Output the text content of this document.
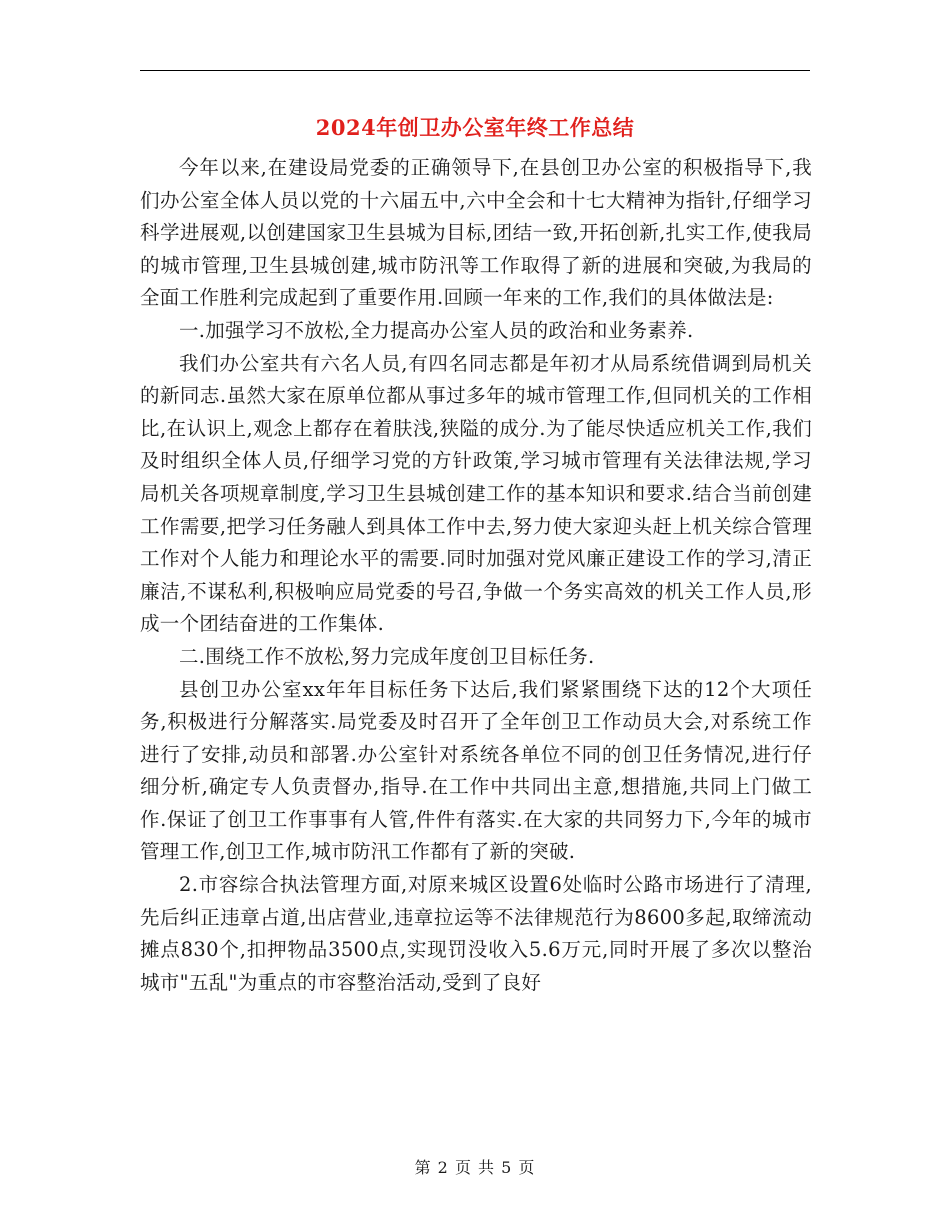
2024年创卫办公室年终工作总结

今年以来,在建设局党委的正确领导下,在县创卫办公室的积极指导下,我们办公室全体人员以党的十六届五中,六中全会和十七大精神为指针,仔细学习科学进展观,以创建国家卫生县城为目标,团结一致,开拓创新,扎实工作,使我局的城市管理,卫生县城创建,城市防汛等工作取得了新的进展和突破,为我局的全面工作胜利完成起到了重要作用.回顾一年来的工作,我们的具体做法是:

一.加强学习不放松,全力提高办公室人员的政治和业务素养.

我们办公室共有六名人员,有四名同志都是年初才从局系统借调到局机关的新同志.虽然大家在原单位都从事过多年的城市管理工作,但同机关的工作相比,在认识上,观念上都存在着肤浅,狭隘的成分.为了能尽快适应机关工作,我们及时组织全体人员,仔细学习党的方针政策,学习城市管理有关法律法规,学习局机关各项规章制度,学习卫生县城创建工作的基本知识和要求.结合当前创建工作需要,把学习任务融人到具体工作中去,努力使大家迎头赶上机关综合管理工作对个人能力和理论水平的需要.同时加强对党风廉正建设工作的学习,清正廉洁,不谋私利,积极响应局党委的号召,争做一个务实高效的机关工作人员,形成一个团结奋进的工作集体.

二.围绕工作不放松,努力完成年度创卫目标任务.

县创卫办公室xx年年目标任务下达后,我们紧紧围绕下达的12个大项任务,积极进行分解落实.局党委及时召开了全年创卫工作动员大会,对系统工作进行了安排,动员和部署.办公室针对系统各单位不同的创卫任务情况,进行仔细分析,确定专人负责督办,指导.在工作中共同出主意,想措施,共同上门做工作.保证了创卫工作事事有人管,件件有落实.在大家的共同努力下,今年的城市管理工作,创卫工作,城市防汛工作都有了新的突破.

2.市容综合执法管理方面,对原来城区设置6处临时公路市场进行了清理,先后纠正违章占道,出店营业,违章拉运等不法律规范行为8600多起,取缔流动摊点830个,扣押物品3500点,实现罚没收入5.6万元,同时开展了多次以整治城市"五乱"为重点的市容整治活动,受到了良好

第 2 页 共 5 页
